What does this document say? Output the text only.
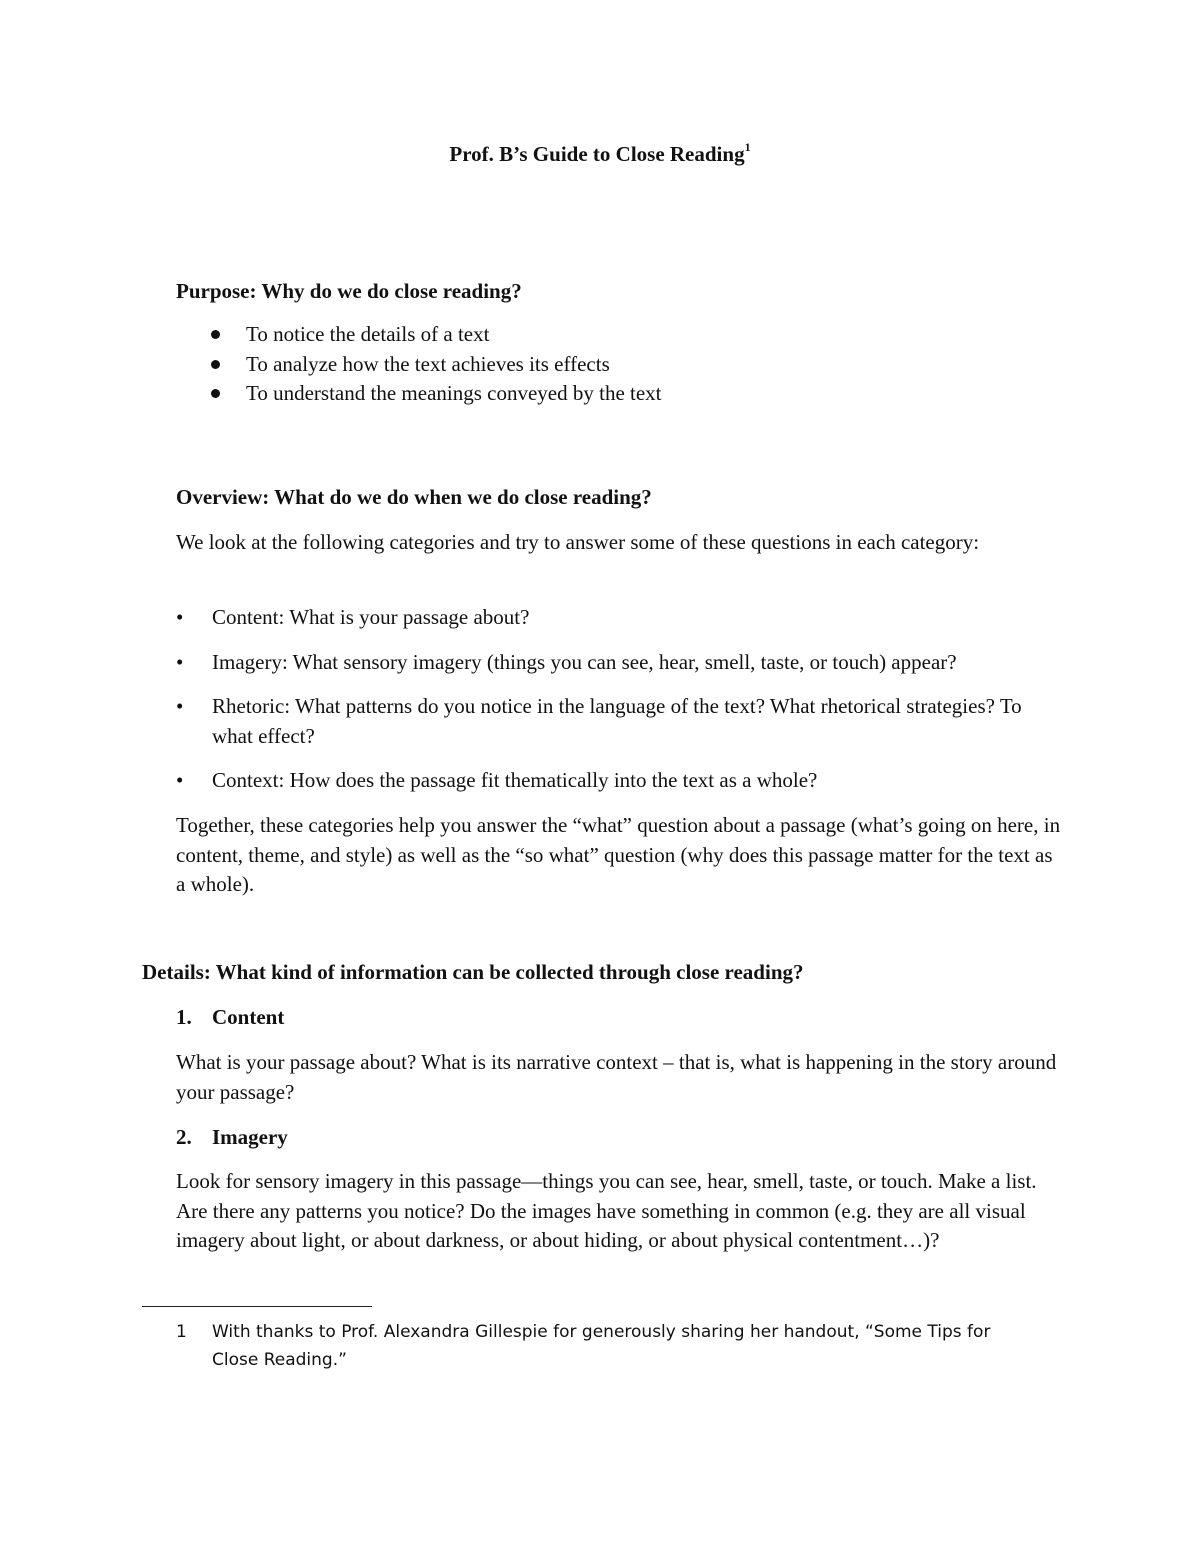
Prof. B’s Guide to Close Reading$^1$
Purpose: Why do we do close reading?
To notice the details of a text
To analyze how the text achieves its effects
To understand the meanings conveyed by the text
Overview: What do we do when we do close reading?
We look at the following categories and try to answer some of these questions in each category:
•	Content: What is your passage about?
•	Imagery: What sensory imagery (things you can see, hear, smell, taste, or touch) appear?
•	Rhetoric: What patterns do you notice in the language of the text? What rhetorical strategies? To what effect?
•	Context: How does the passage fit thematically into the text as a whole?
Together, these categories help you answer the “what” question about a passage (what’s going on here, in content, theme, and style) as well as the “so what” question (why does this passage matter for the text as a whole).
Details: What kind of information can be collected through close reading?
1. Content
What is your passage about? What is its narrative context – that is, what is happening in the story around your passage?
2. Imagery
Look for sensory imagery in this passage—things you can see, hear, smell, taste, or touch. Make a list. Are there any patterns you notice? Do the images have something in common (e.g. they are all visual imagery about light, or about darkness, or about hiding, or about physical contentment…)?
1	With thanks to Prof. Alexandra Gillespie for generously sharing her handout, “Some Tips for Close Reading.”
